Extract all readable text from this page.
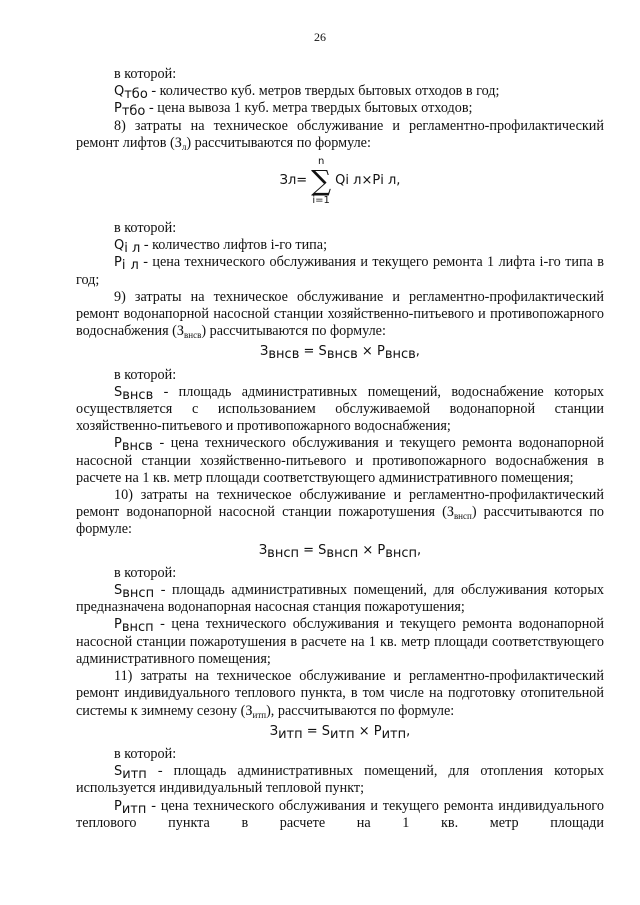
26

в которой:

$Q_{тбо}$ - количество куб. метров твердых бытовых отходов в год;

$P_{тбо}$ - цена вывоза 1 куб. метра твердых бытовых отходов;

8) затраты на техническое обслуживание и регламентно-профилактический ремонт лифтов $(З_л)$ рассчитываются по формуле:

З л =
n
∑
i=1
Q i л × P i л ,

в которой:

$Q_{i л}$ - количество лифтов i-го типа;

$P_{i л}$ - цена технического обслуживания и текущего ремонта 1 лифта i-го типа в год;

9) затраты на техническое обслуживание и регламентно-профилактический ремонт водонапорной насосной станции хозяйственно-питьевого и противопожарного водоснабжения $(З_{внсв})$ рассчитываются по формуле:

$З_{внсв} = S_{внсв} \times P_{внсв}$,

в которой:

$S_{внсв}$ - площадь административных помещений, водоснабжение которых осуществляется с использованием обслуживаемой водонапорной станции хозяйственно-питьевого и противопожарного водоснабжения;

$P_{внсв}$ - цена технического обслуживания и текущего ремонта водонапорной насосной станции хозяйственно-питьевого и противопожарного водоснабжения в расчете на 1 кв. метр площади соответствующего административного помещения;

10) затраты на техническое обслуживание и регламентно-профилактический ремонт водонапорной насосной станции пожаротушения $(З_{внсп})$ рассчитываются по формуле:

$З_{внсп} = S_{внсп} \times P_{внсп}$,

в которой:

$S_{внсп}$ - площадь административных помещений, для обслуживания которых предназначена водонапорная насосная станция пожаротушения;

$P_{внсп}$ - цена технического обслуживания и текущего ремонта водонапорной насосной станции пожаротушения в расчете на 1 кв. метр площади соответствующего административного помещения;

11) затраты на техническое обслуживание и регламентно-профилактический ремонт индивидуального теплового пункта, в том числе на подготовку отопительной системы к зимнему сезону $(З_{итп})$, рассчитываются по формуле:

$З_{итп} = S_{итп} \times P_{итп}$,

в которой:

$S_{итп}$ - площадь административных помещений, для отопления которых используется индивидуальный тепловой пункт;

$P_{итп}$ - цена технического обслуживания и текущего ремонта индивидуального теплового пункта в расчете на 1 кв. метр площади
